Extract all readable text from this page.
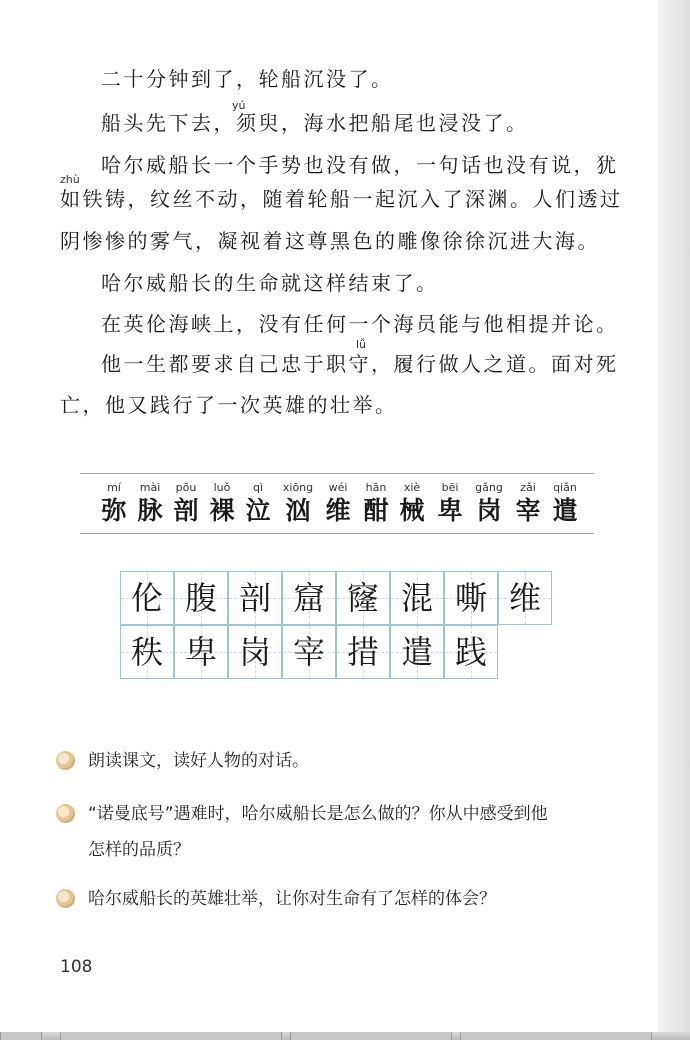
二十分钟到了，轮船沉没了。
yú
船头先下去，须臾，海水把船尾也浸没了。
哈尔威船长一个手势也没有做，一句话也没有说，犹
zhù
如铁铸，纹丝不动，随着轮船一起沉入了深渊。人们透过
阴惨惨的雾气，凝视着这尊黑色的雕像徐徐沉进大海。
哈尔威船长的生命就这样结束了。
在英伦海峡上，没有任何一个海员能与他相提并论。
lǚ
他一生都要求自己忠于职守，履行做人之道。面对死
亡，他又践行了一次英雄的壮举。
mí
弥
mài
脉
pōu
剖
luǒ
裸
qì
泣
xiōng
汹
wéi
维
hān
酣
xiè
械
bēi
卑
gǎng
岗
zǎi
宰
qiǎn
遣
伦 腹 剖 窟 窿 混 嘶 维
秩 卑 岗 宰 措 遣 践
朗读课文，读好人物的对话。
“诺曼底号”遇难时，哈尔威船长是怎么做的？你从中感受到他
怎样的品质？
哈尔威船长的英雄壮举，让你对生命有了怎样的体会？
108
